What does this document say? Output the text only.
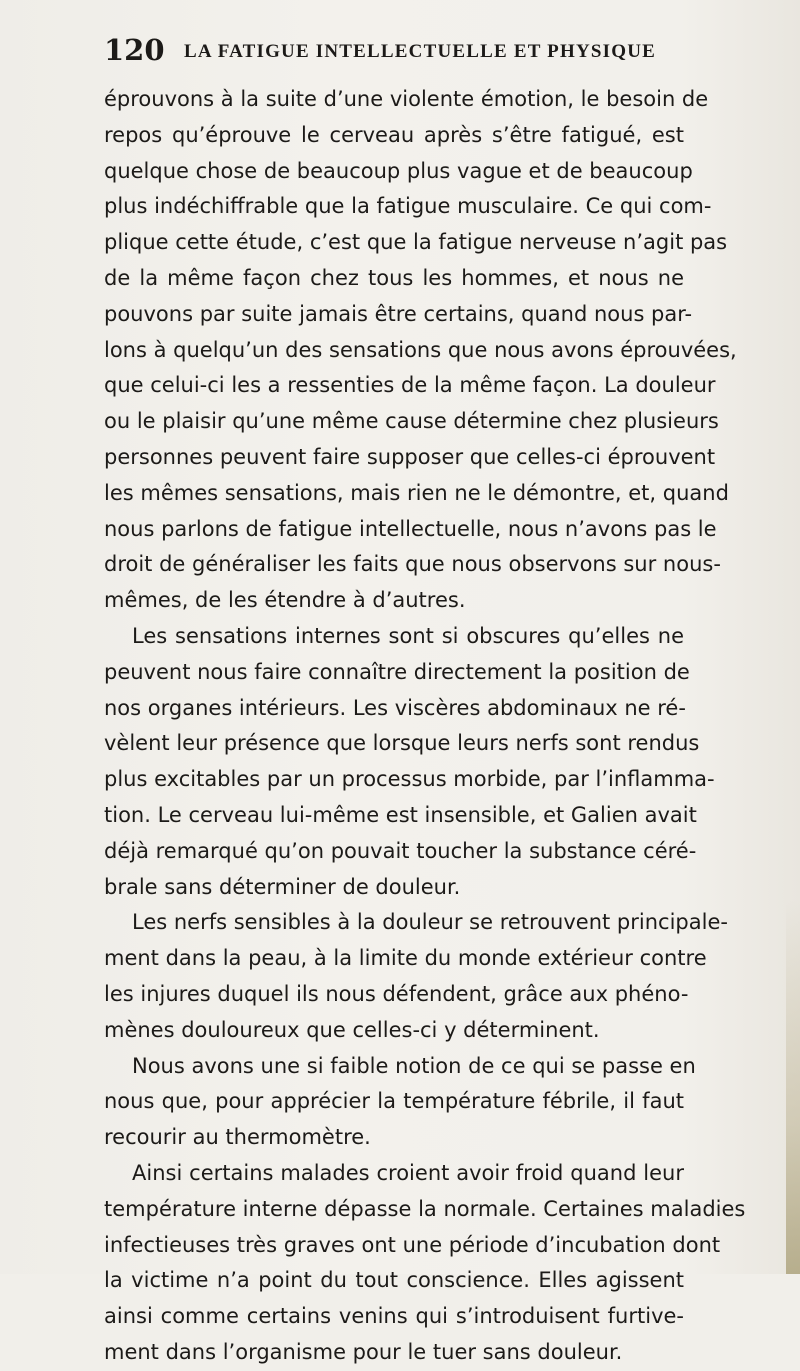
120 LA FATIGUE INTELLECTUELLE ET PHYSIQUE
éprouvons à la suite d’une violente émotion, le besoin de
repos qu’éprouve le cerveau après s’être fatigué, est
quelque chose de beaucoup plus vague et de beaucoup
plus indéchiffrable que la fatigue musculaire. Ce qui com-
plique cette étude, c’est que la fatigue nerveuse n’agit pas
de la même façon chez tous les hommes, et nous ne
pouvons par suite jamais être certains, quand nous par-
lons à quelqu’un des sensations que nous avons éprouvées,
que celui-ci les a ressenties de la même façon. La douleur
ou le plaisir qu’une même cause détermine chez plusieurs
personnes peuvent faire supposer que celles-ci éprouvent
les mêmes sensations, mais rien ne le démontre, et, quand
nous parlons de fatigue intellectuelle, nous n’avons pas le
droit de généraliser les faits que nous observons sur nous-
mêmes, de les étendre à d’autres.
Les sensations internes sont si obscures qu’elles ne
peuvent nous faire connaître directement la position de
nos organes intérieurs. Les viscères abdominaux ne ré-
vèlent leur présence que lorsque leurs nerfs sont rendus
plus excitables par un processus morbide, par l’inflamma-
tion. Le cerveau lui-même est insensible, et Galien avait
déjà remarqué qu’on pouvait toucher la substance céré-
brale sans déterminer de douleur.
Les nerfs sensibles à la douleur se retrouvent principale-
ment dans la peau, à la limite du monde extérieur contre
les injures duquel ils nous défendent, grâce aux phéno-
mènes douloureux que celles-ci y déterminent.
Nous avons une si faible notion de ce qui se passe en
nous que, pour apprécier la température fébrile, il faut
recourir au thermomètre.
Ainsi certains malades croient avoir froid quand leur
température interne dépasse la normale. Certaines maladies
infectieuses très graves ont une période d’incubation dont
la victime n’a point du tout conscience. Elles agissent
ainsi comme certains venins qui s’introduisent furtive-
ment dans l’organisme pour le tuer sans douleur.
